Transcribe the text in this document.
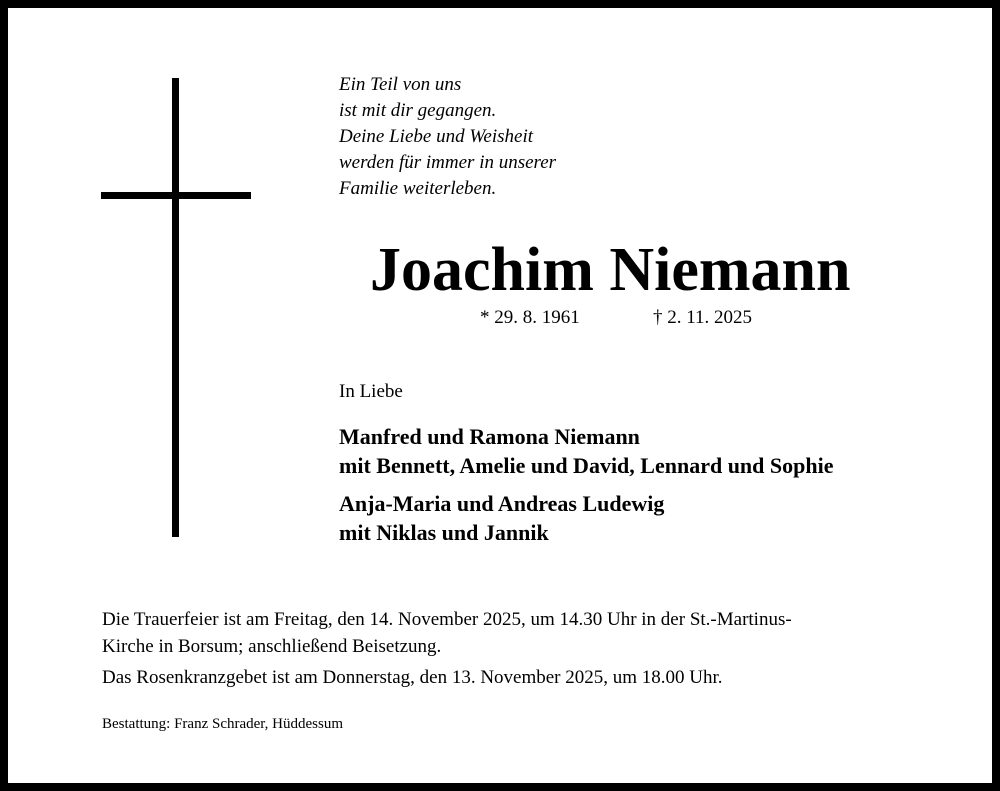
Ein Teil von uns
ist mit dir gegangen.
Deine Liebe und Weisheit
werden für immer in unserer
Familie weiterleben.
Joachim Niemann
* 29. 8. 1961	† 2. 11. 2025
In Liebe
Manfred und Ramona Niemann
mit Bennett, Amelie und David, Lennard und Sophie
Anja-Maria und Andreas Ludewig
mit Niklas und Jannik
Die Trauerfeier ist am Freitag, den 14. November 2025, um 14.30 Uhr in der St.-Martinus-
Kirche in Borsum; anschließend Beisetzung.
Das Rosenkranzgebet ist am Donnerstag, den 13. November 2025, um 18.00 Uhr.
Bestattung: Franz Schrader, Hüddessum
